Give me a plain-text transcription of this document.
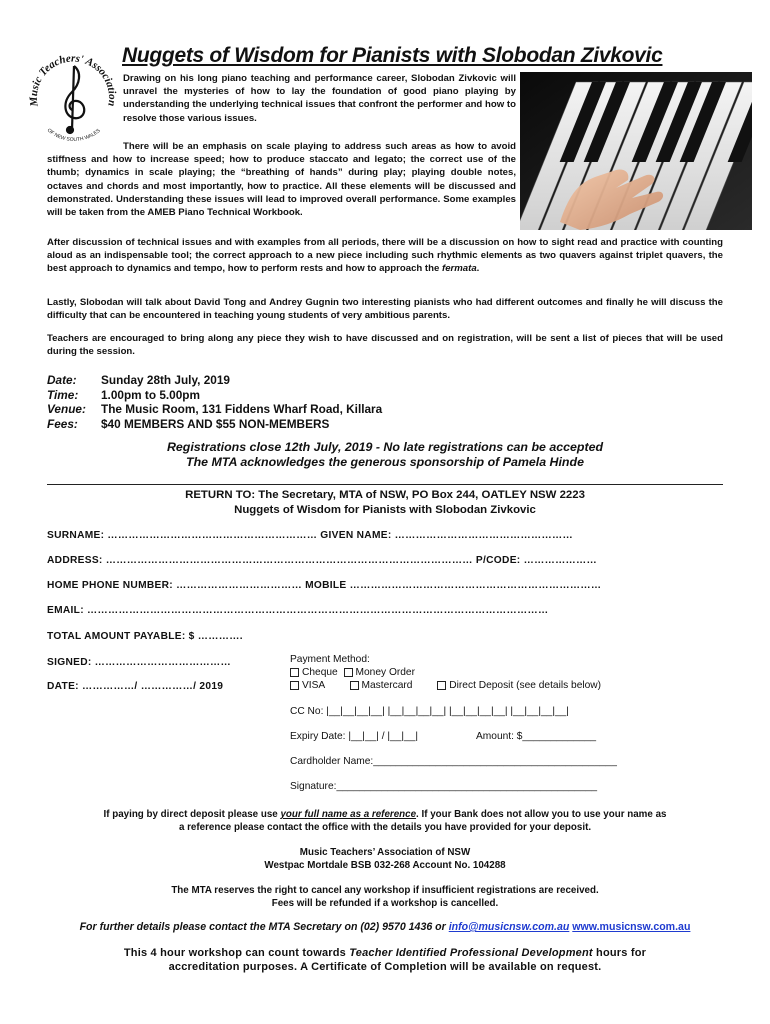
Music Teachers' Association
OF NEW SOUTH WALES
Nuggets of Wisdom for Pianists with Slobodan Zivkovic
Drawing on his long piano teaching and performance career, Slobodan Zivkovic will unravel the mysteries of how to lay the foundation of good piano playing by understanding the underlying technical issues that confront the performer and how to resolve those various issues.
There will be an emphasis on scale playing to address such areas as how to avoid stiffness and how to increase speed; how to produce staccato and legato; the correct use of the thumb; dynamics in scale playing; the “breathing of hands” during play; playing double notes, octaves and chords and most importantly, how to practice. All these elements will be discussed and demonstrated. Understanding these issues will lead to improved overall performance. Some examples will be taken from the AMEB Piano Technical Workbook.
After discussion of technical issues and with examples from all periods, there will be a discussion on how to sight read and practice with counting aloud as an indispensable tool; the correct approach to a new piece including such rhythmic elements as two quavers against triplet quavers, the best approach to dynamics and tempo, how to perform rests and how to approach the fermata.
Lastly, Slobodan will talk about David Tong and Andrey Gugnin two interesting pianists who had different outcomes and finally he will discuss the difficulty that can be encountered in teaching young students of very ambitious parents.
Teachers are encouraged to bring along any piece they wish to have discussed and on registration, will be sent a list of pieces that will be used during the session.
Date:	Sunday 28th July, 2019
Time:	1.00pm to 5.00pm
Venue:	The Music Room, 131 Fiddens Wharf Road, Killara
Fees:	$40 MEMBERS AND $55 NON-MEMBERS
Registrations close 12th July, 2019 - No late registrations can be accepted
The MTA acknowledges the generous sponsorship of Pamela Hinde
RETURN TO: The Secretary, MTA of NSW, PO Box 244, OATLEY NSW 2223
Nuggets of Wisdom for Pianists with Slobodan Zivkovic
SURNAME: …………………………………………………… GIVEN NAME: ……………………………………………
ADDRESS: …………………………………………………………………………………………… P/CODE: …………………
HOME PHONE NUMBER: ……………………………… MOBILE ………………………………………………………………
EMAIL: ……………………………………………………………………………………………………………………
TOTAL AMOUNT PAYABLE: $ ………….
SIGNED: …………………………………
DATE: ……………/ ……………/ 2019
Payment Method:
Cheque Money Order
VISA	Mastercard	Direct Deposit (see details below)
CC No: |__|__|__|__| |__|__|__|__| |__|__|__|__| |__|__|__|__|
Expiry Date: |__|__| / |__|__|	Amount: $_____________
Cardholder Name:___________________________________________
Signature:______________________________________________
If paying by direct deposit please use your full name as a reference. If your Bank does not allow you to use your name as
a reference please contact the office with the details you have provided for your deposit.
Music Teachers’ Association of NSW
Westpac Mortdale BSB 032-268 Account No. 104288
The MTA reserves the right to cancel any workshop if insufficient registrations are received.
Fees will be refunded if a workshop is cancelled.
For further details please contact the MTA Secretary on (02) 9570 1436 or info@musicnsw.com.au www.musicnsw.com.au
This 4 hour workshop can count towards Teacher Identified Professional Development hours for
accreditation purposes. A Certificate of Completion will be available on request.
